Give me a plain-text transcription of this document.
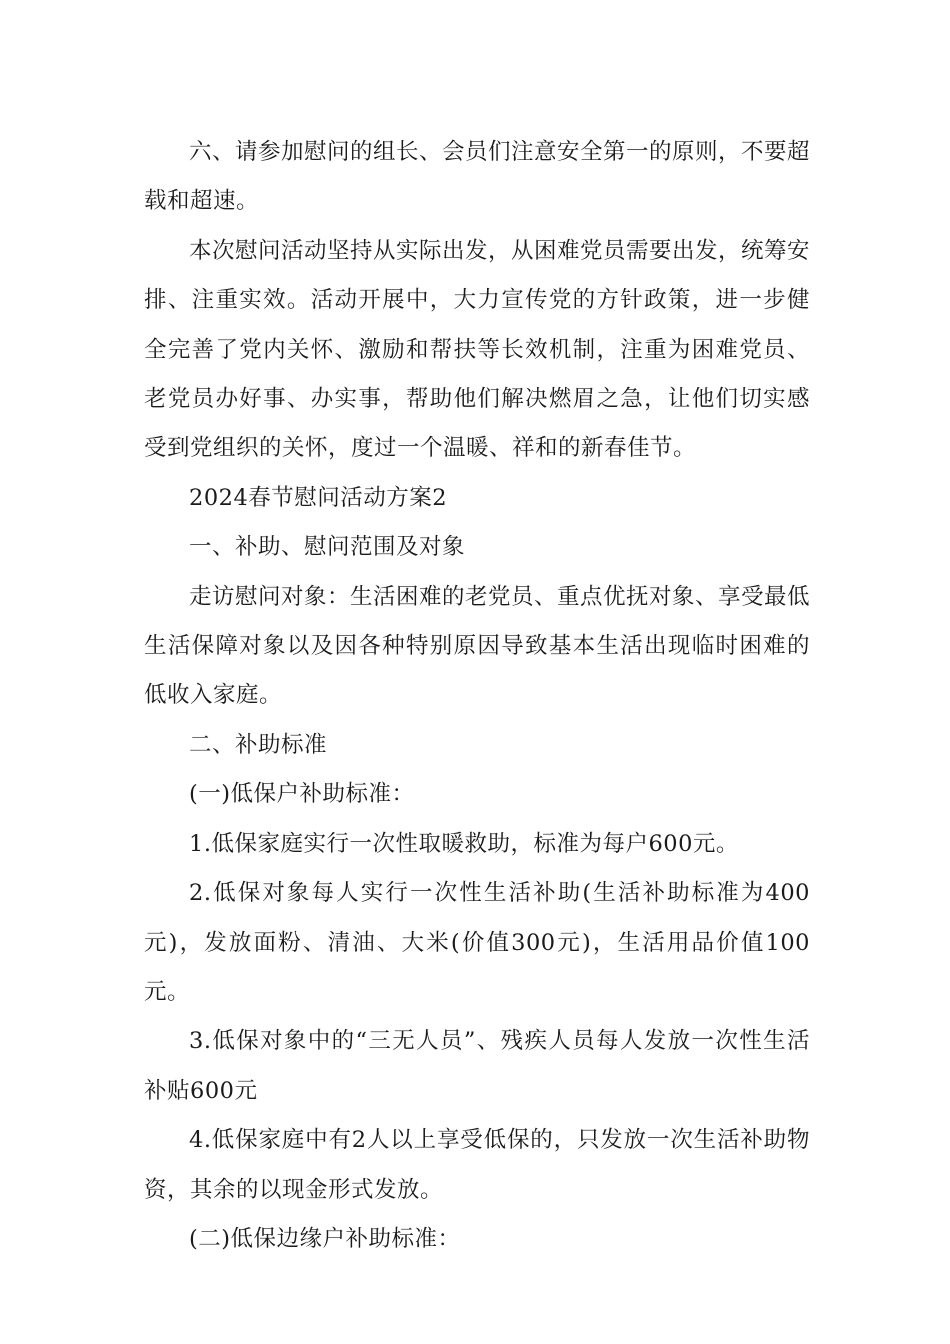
六、请参加慰问的组长、会员们注意安全第一的原则，不要超载和超速。

本次慰问活动坚持从实际出发，从困难党员需要出发，统筹安排、注重实效。活动开展中，大力宣传党的方针政策，进一步健全完善了党内关怀、激励和帮扶等长效机制，注重为困难党员、老党员办好事、办实事，帮助他们解决燃眉之急，让他们切实感受到党组织的关怀，度过一个温暖、祥和的新春佳节。

2024春节慰问活动方案2

一、补助、慰问范围及对象

走访慰问对象：生活困难的老党员、重点优抚对象、享受最低生活保障对象以及因各种特别原因导致基本生活出现临时困难的低收入家庭。

二、补助标准

(一)低保户补助标准：

1.低保家庭实行一次性取暖救助，标准为每户600元。

2.低保对象每人实行一次性生活补助(生活补助标准为400元)，发放面粉、清油、大米(价值300元)，生活用品价值100元。

3.低保对象中的“三无人员”、残疾人员每人发放一次性生活补贴600元

4.低保家庭中有2人以上享受低保的，只发放一次生活补助物资，其余的以现金形式发放。

(二)低保边缘户补助标准：
